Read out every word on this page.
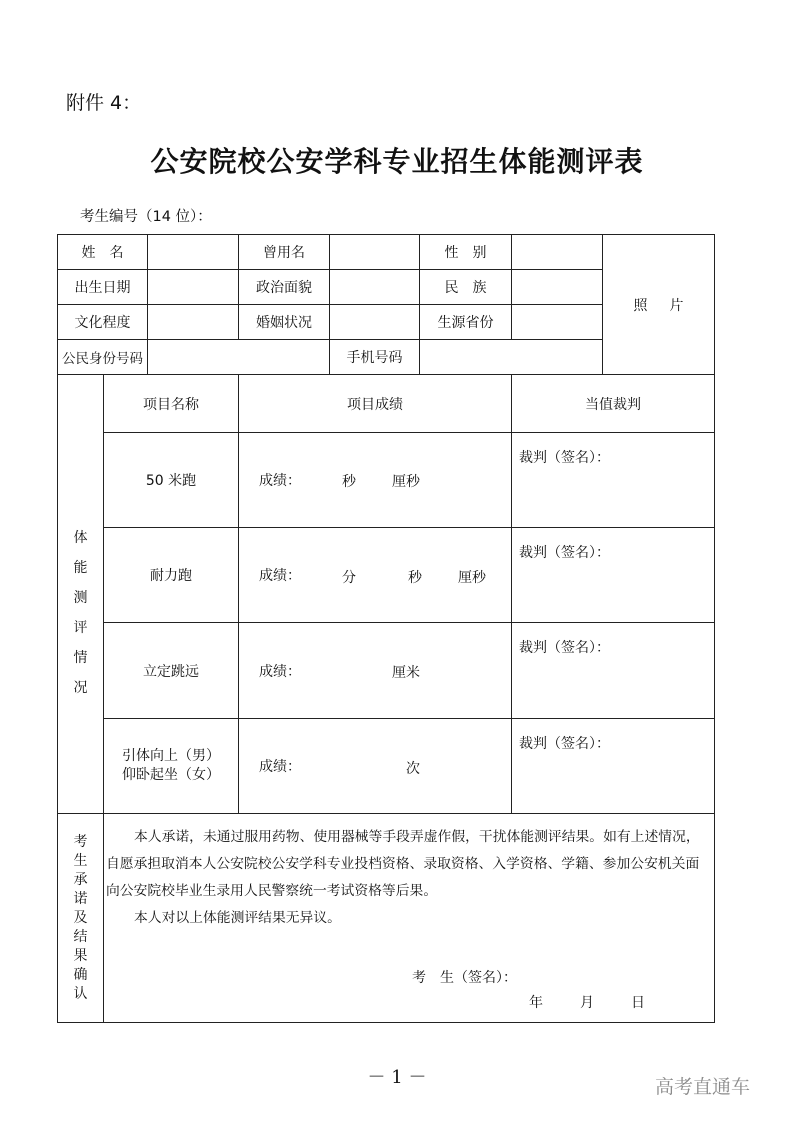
附件 4：
公安院校公安学科专业招生体能测评表
考生编号（14 位）：
姓名	曾用名	性别
照片
出生日期	政治面貌	民族
文化程度	婚姻状况	生源省份
公民身份号码	手机号码
体
能
测
评
情
况
项目名称	项目成绩	当值裁判
50 米跑	成绩：	秒	厘秒
裁判（签名）：
耐力跑	成绩：	分	秒	厘秒
裁判（签名）：
立定跳远	成绩：	厘米
裁判（签名）：
引体向上（男）
仰卧起坐（女）	成绩：	次
裁判（签名）：
考
生
承
诺
及
结
果
确
认

本人承诺，未通过服用药物、使用器械等手段弄虚作假，干扰体能测评结果。如有上述情况，自愿承担取消本人公安院校公安学科专业投档资格、录取资格、入学资格、学籍、参加公安机关面向公安院校毕业生录用人民警察统一考试资格等后果。

本人对以上体能测评结果无异议。

考　生（签名）：
年	月	日
－ 1 －	高考直通车
